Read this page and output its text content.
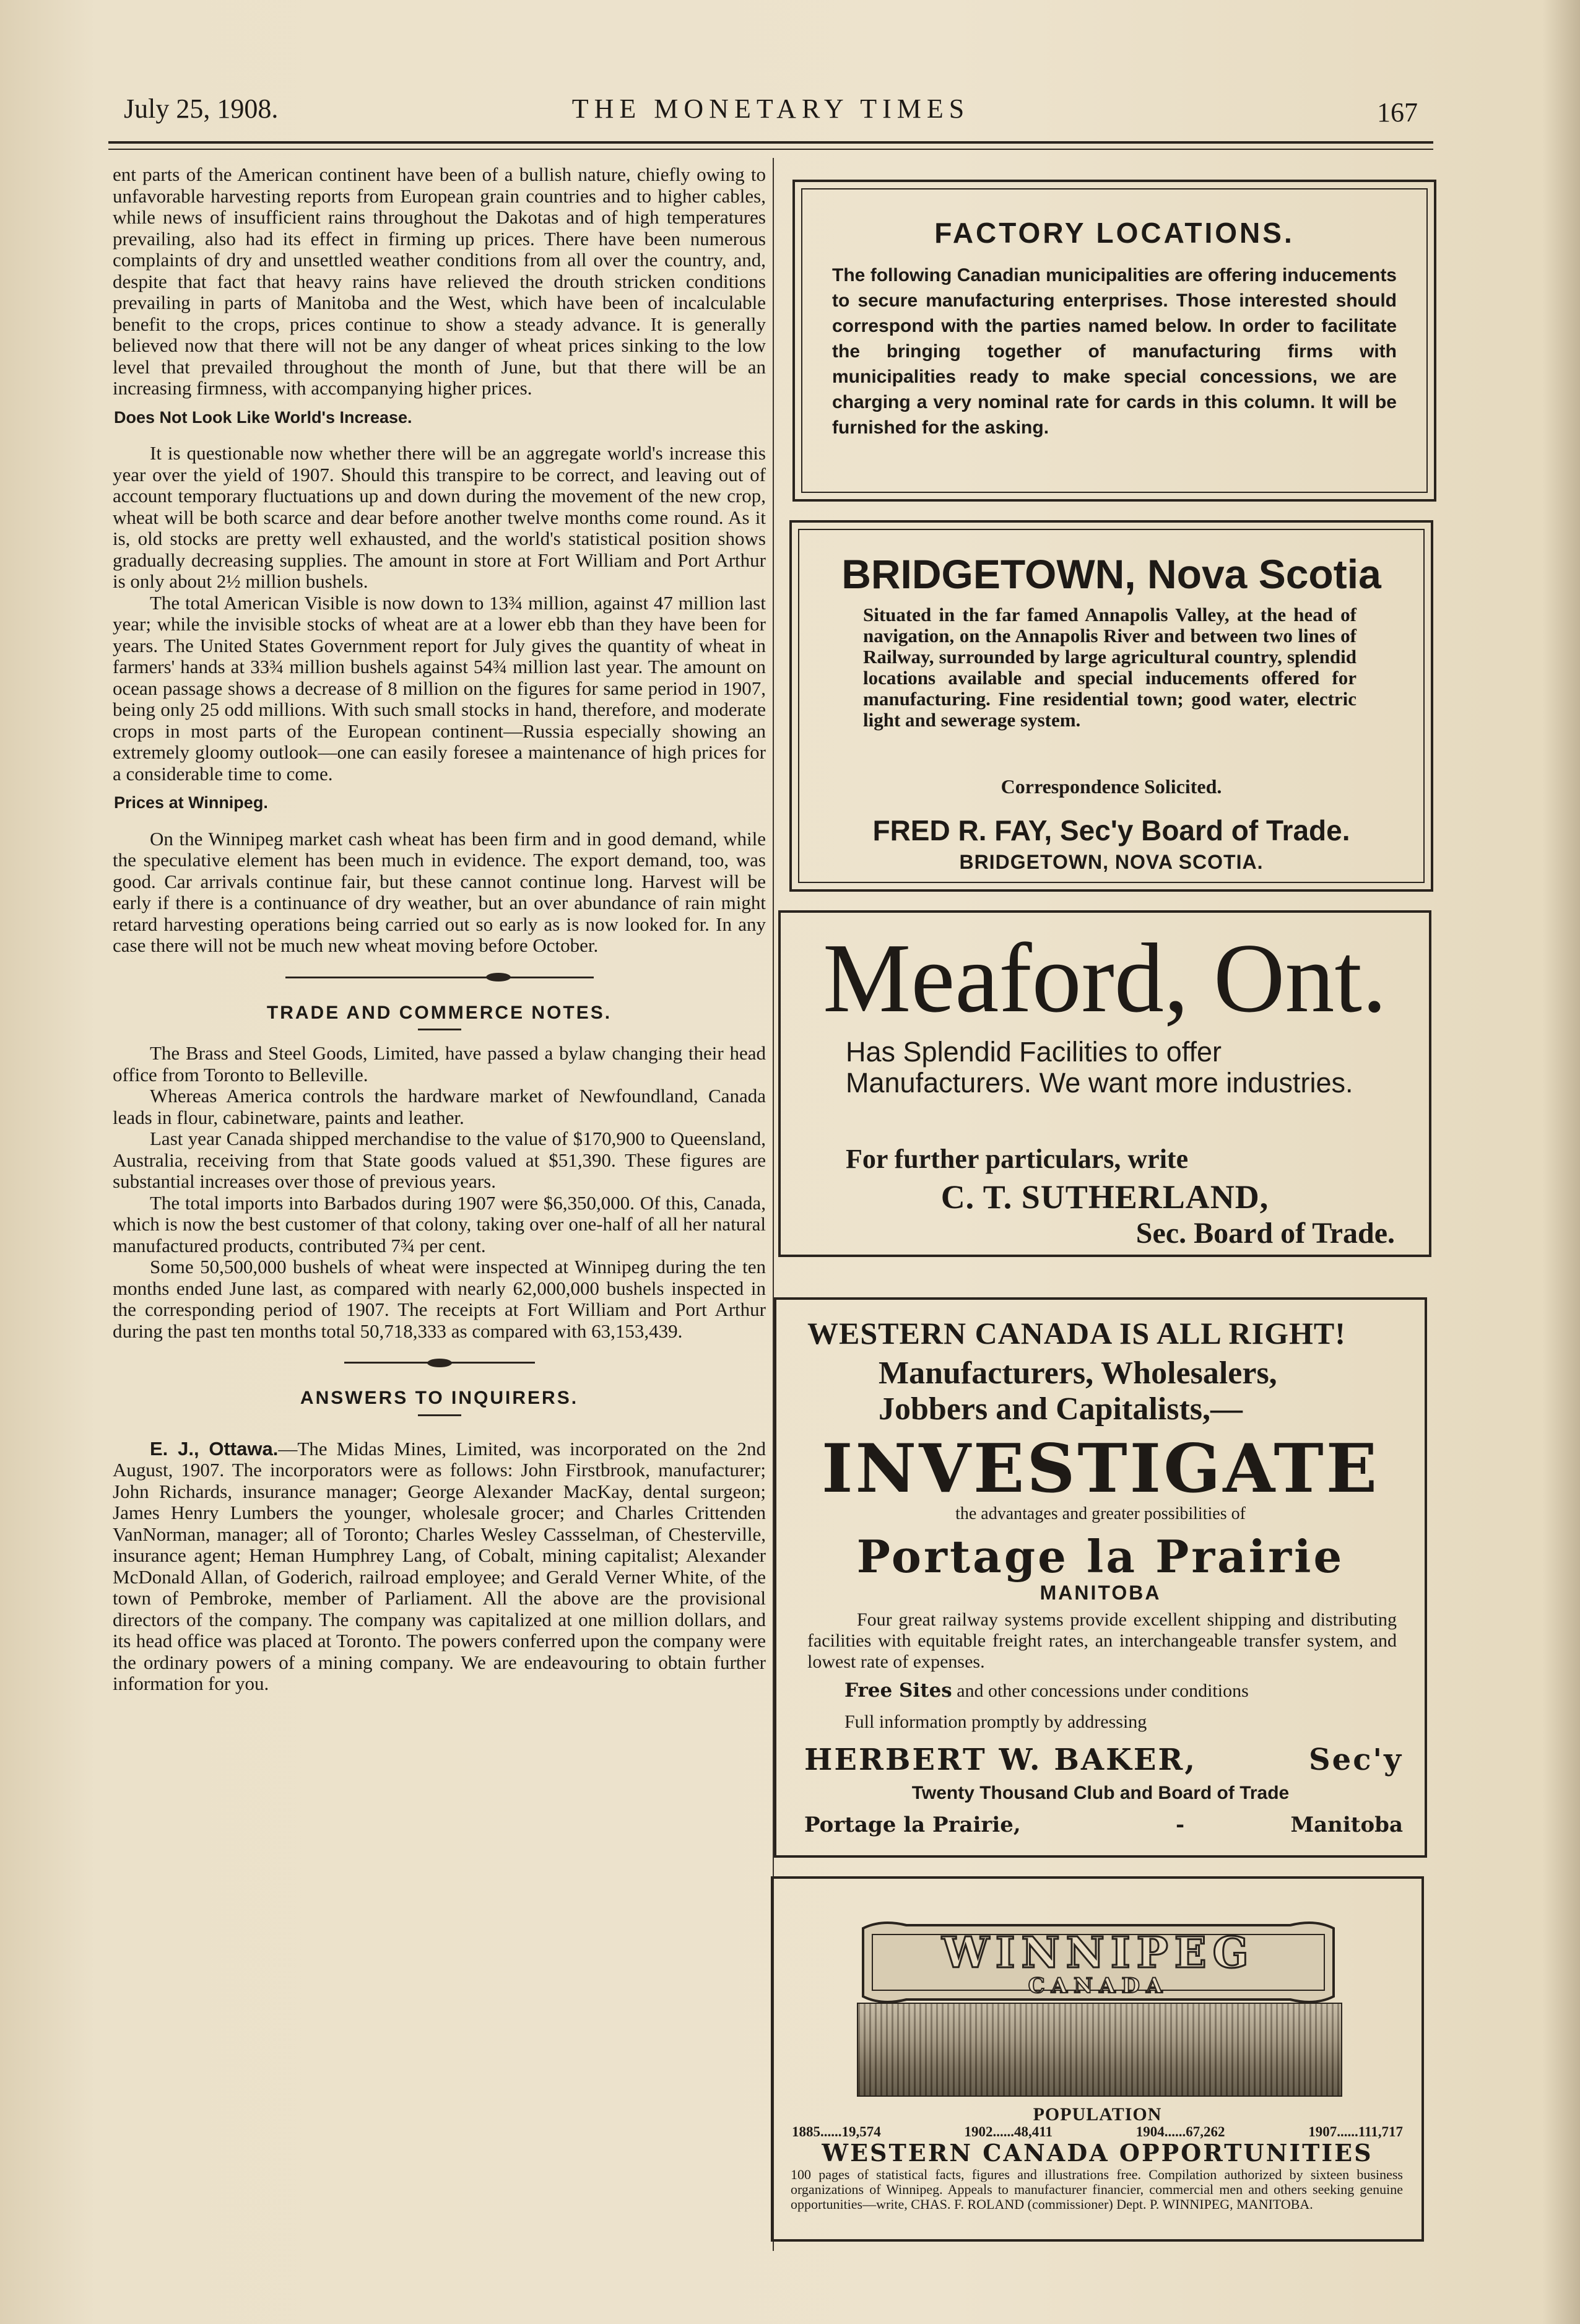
July 25, 1908.	THE MONETARY TIMES	167

ent parts of the American continent have been of a bullish nature, chiefly owing to unfavorable harvesting reports from European grain countries and to higher cables, while news of insufficient rains throughout the Dakotas and of high temperatures prevailing, also had its effect in firming up prices. There have been numerous complaints of dry and unsettled weather conditions from all over the country, and, despite that fact that heavy rains have relieved the drouth stricken conditions prevailing in parts of Manitoba and the West, which have been of incalculable benefit to the crops, prices continue to show a steady advance. It is generally believed now that there will not be any danger of wheat prices sinking to the low level that prevailed throughout the month of June, but that there will be an increasing firmness, with accompanying higher prices.

Does Not Look Like World's Increase.

It is questionable now whether there will be an aggregate world's increase this year over the yield of 1907. Should this transpire to be correct, and leaving out of account temporary fluctuations up and down during the movement of the new crop, wheat will be both scarce and dear before another twelve months come round. As it is, old stocks are pretty well exhausted, and the world's statistical position shows gradually decreasing supplies. The amount in store at Fort William and Port Arthur is only about 2½ million bushels.

The total American Visible is now down to 13¾ million, against 47 million last year; while the invisible stocks of wheat are at a lower ebb than they have been for years. The United States Government report for July gives the quantity of wheat in farmers' hands at 33¾ million bushels against 54¾ million last year. The amount on ocean passage shows a decrease of 8 million on the figures for same period in 1907, being only 25 odd millions. With such small stocks in hand, therefore, and moderate crops in most parts of the European continent—Russia especially showing an extremely gloomy outlook—one can easily foresee a maintenance of high prices for a considerable time to come.

Prices at Winnipeg.

On the Winnipeg market cash wheat has been firm and in good demand, while the speculative element has been much in evidence. The export demand, too, was good. Car arrivals continue fair, but these cannot continue long. Harvest will be early if there is a continuance of dry weather, but an over abundance of rain might retard harvesting operations being carried out so early as is now looked for. In any case there will not be much new wheat moving before October.

TRADE AND COMMERCE NOTES.

The Brass and Steel Goods, Limited, have passed a bylaw changing their head office from Toronto to Belleville.

Whereas America controls the hardware market of Newfoundland, Canada leads in flour, cabinetware, paints and leather.

Last year Canada shipped merchandise to the value of $170,900 to Queensland, Australia, receiving from that State goods valued at $51,390. These figures are substantial increases over those of previous years.

The total imports into Barbados during 1907 were $6,350,000. Of this, Canada, which is now the best customer of that colony, taking over one-half of all her natural manufactured products, contributed 7¾ per cent.

Some 50,500,000 bushels of wheat were inspected at Winnipeg during the ten months ended June last, as compared with nearly 62,000,000 bushels inspected in the corresponding period of 1907. The receipts at Fort William and Port Arthur during the past ten months total 50,718,333 as compared with 63,153,439.

ANSWERS TO INQUIRERS.

E. J., Ottawa.—The Midas Mines, Limited, was incorporated on the 2nd August, 1907. The incorporators were as follows: John Firstbrook, manufacturer; John Richards, insurance manager; George Alexander MacKay, dental surgeon; James Henry Lumbers the younger, wholesale grocer; and Charles Crittenden VanNorman, manager; all of Toronto; Charles Wesley Cassselman, of Chesterville, insurance agent; Heman Humphrey Lang, of Cobalt, mining capitalist; Alexander McDonald Allan, of Goderich, railroad employee; and Gerald Verner White, of the town of Pembroke, member of Parliament. All the above are the provisional directors of the company. The company was capitalized at one million dollars, and its head office was placed at Toronto. The powers conferred upon the company were the ordinary powers of a mining company. We are endeavouring to obtain further information for you.

FACTORY LOCATIONS.
The following Canadian municipalities are offering inducements to secure manufacturing enterprises. Those interested should correspond with the parties named below. In order to facilitate the bringing together of manufacturing firms with municipalities ready to make special concessions, we are charging a very nominal rate for cards in this column. It will be furnished for the asking.
BRIDGETOWN, Nova Scotia
Situated in the far famed Annapolis Valley, at the head of navigation, on the Annapolis River and between two lines of Railway, surrounded by large agricultural country, splendid locations available and special inducements offered for manufacturing. Fine residential town; good water, electric light and sewerage system.
Correspondence Solicited.
FRED R. FAY, Sec'y Board of Trade.
BRIDGETOWN, NOVA SCOTIA.
Meaford, Ont.
Has Splendid Facilities to offer Manufacturers. We want more industries.
For further particulars, write
C. T. SUTHERLAND,
Sec. Board of Trade.
WESTERN CANADA IS ALL RIGHT!
Manufacturers, Wholesalers,
Jobbers and Capitalists,—
INVESTIGATE
the advantages and greater possibilities of
Portage la Prairie
MANITOBA
Four great railway systems provide excellent shipping and distributing facilities with equitable freight rates, an interchangeable transfer system, and lowest rate of expenses.
Free Sites and other concessions under conditions
Full information promptly by addressing
HERBERT W. BAKER,	Sec'y
Twenty Thousand Club and Board of Trade
Portage la Prairie,	-	Manitoba
WINNIPEG
CANADA
POPULATION
1885......19,574	1902......48,411	1904......67,262	1907......111,717
WESTERN CANADA OPPORTUNITIES
100 pages of statistical facts, figures and illustrations free. Compilation authorized by sixteen business organizations of Winnipeg. Appeals to manufacturer financier, commercial men and others seeking genuine opportunities—write, CHAS. F. ROLAND (commissioner) Dept. P. WINNIPEG, MANITOBA.
